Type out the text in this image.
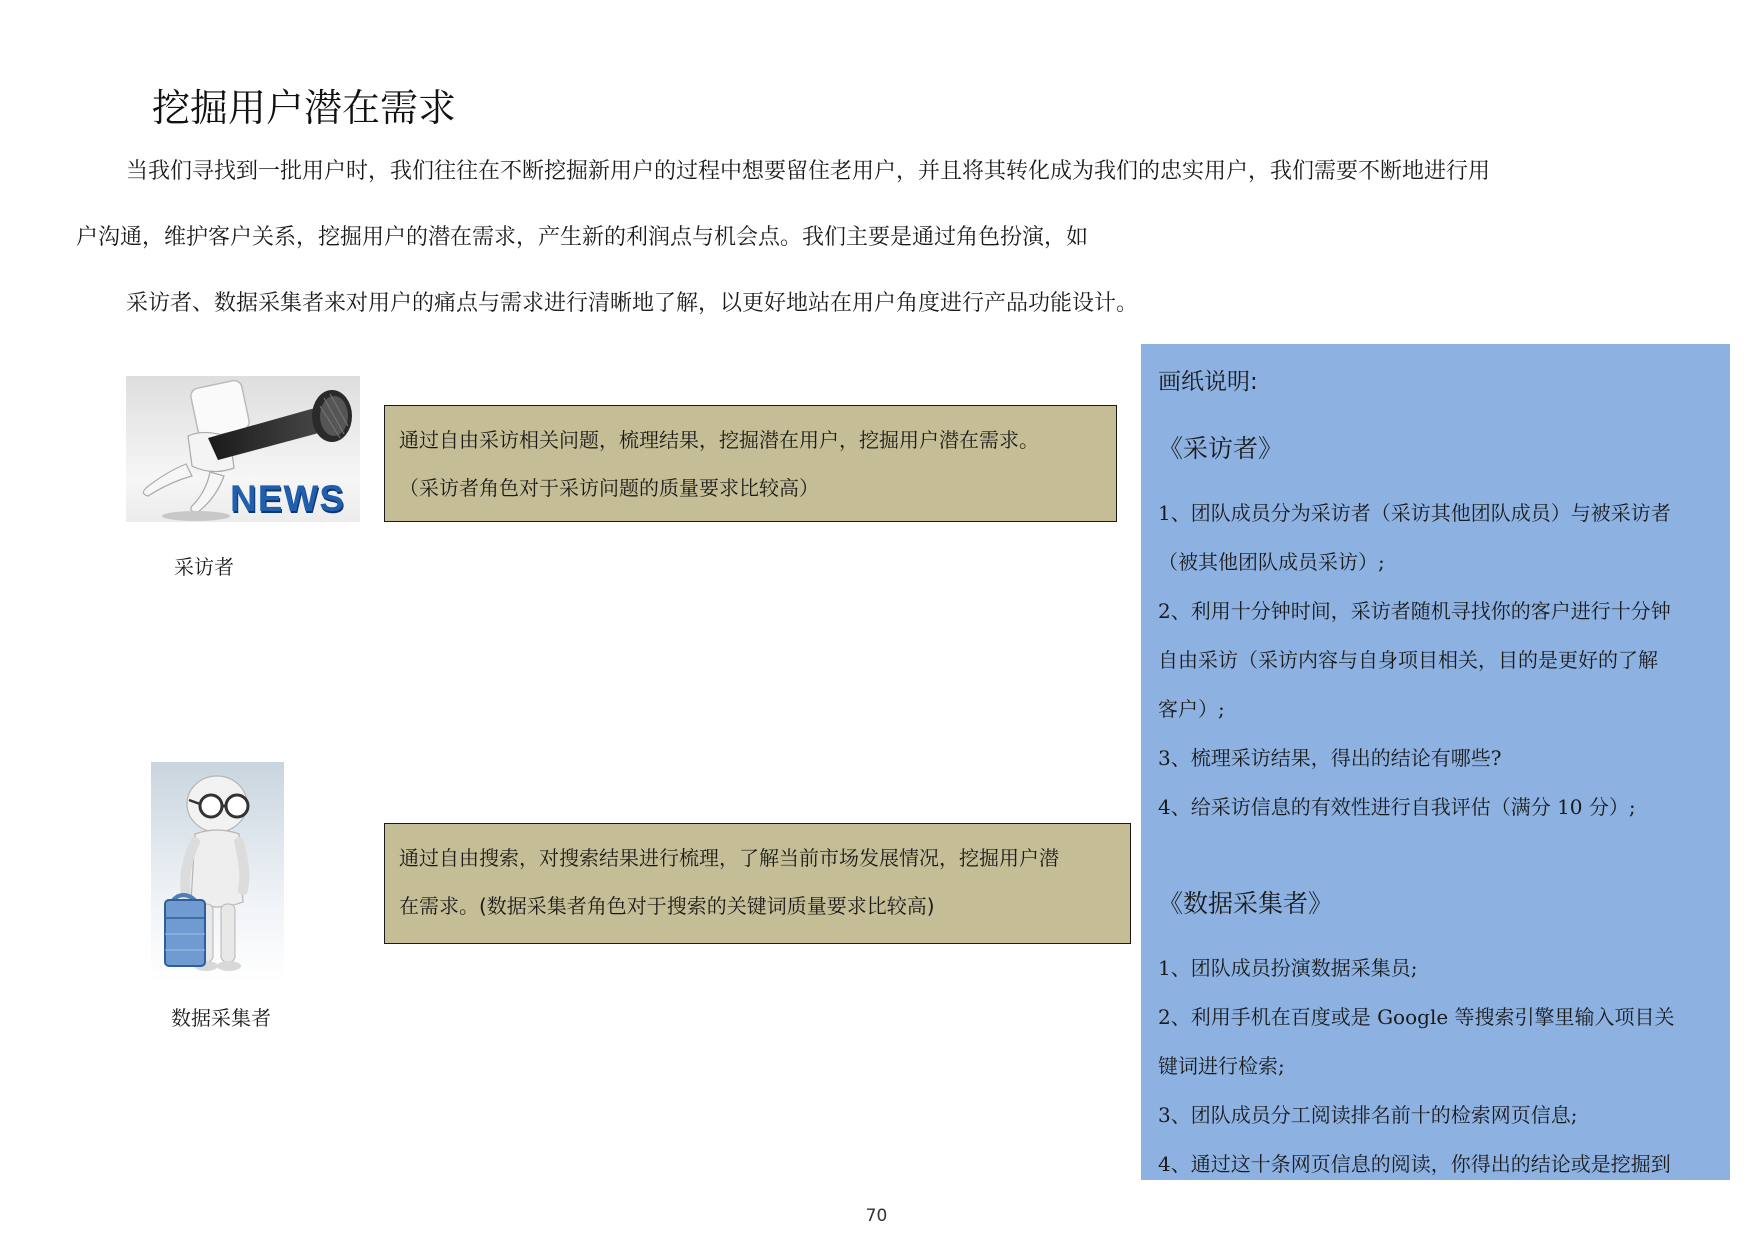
挖掘用户潜在需求
当我们寻找到一批用户时，我们往往在不断挖掘新用户的过程中想要留住老用户，并且将其转化成为我们的忠实用户，我们需要不断地进行用
户沟通，维护客户关系，挖掘用户的潜在需求，产生新的利润点与机会点。我们主要是通过角色扮演，如
采访者、数据采集者来对用户的痛点与需求进行清晰地了解，以更好地站在用户角度进行产品功能设计。
NEWS
采访者
通过自由采访相关问题，梳理结果，挖掘潜在用户，挖掘用户潜在需求。
（采访者角色对于采访问题的质量要求比较高）
数据采集者
通过自由搜索，对搜索结果进行梳理，了解当前市场发展情况，挖掘用户潜
在需求。(数据采集者角色对于搜索的关键词质量要求比较高)
画纸说明:
《采访者》
1、团队成员分为采访者（采访其他团队成员）与被采访者
（被其他团队成员采访）;
2、利用十分钟时间，采访者随机寻找你的客户进行十分钟
自由采访（采访内容与自身项目相关，目的是更好的了解
客户）;
3、梳理采访结果，得出的结论有哪些?
4、给采访信息的有效性进行自我评估（满分 10 分）;
《数据采集者》
1、团队成员扮演数据采集员;
2、利用手机在百度或是 Google 等搜索引擎里输入项目关
键词进行检索;
3、团队成员分工阅读排名前十的检索网页信息;
4、通过这十条网页信息的阅读，你得出的结论或是挖掘到
70
